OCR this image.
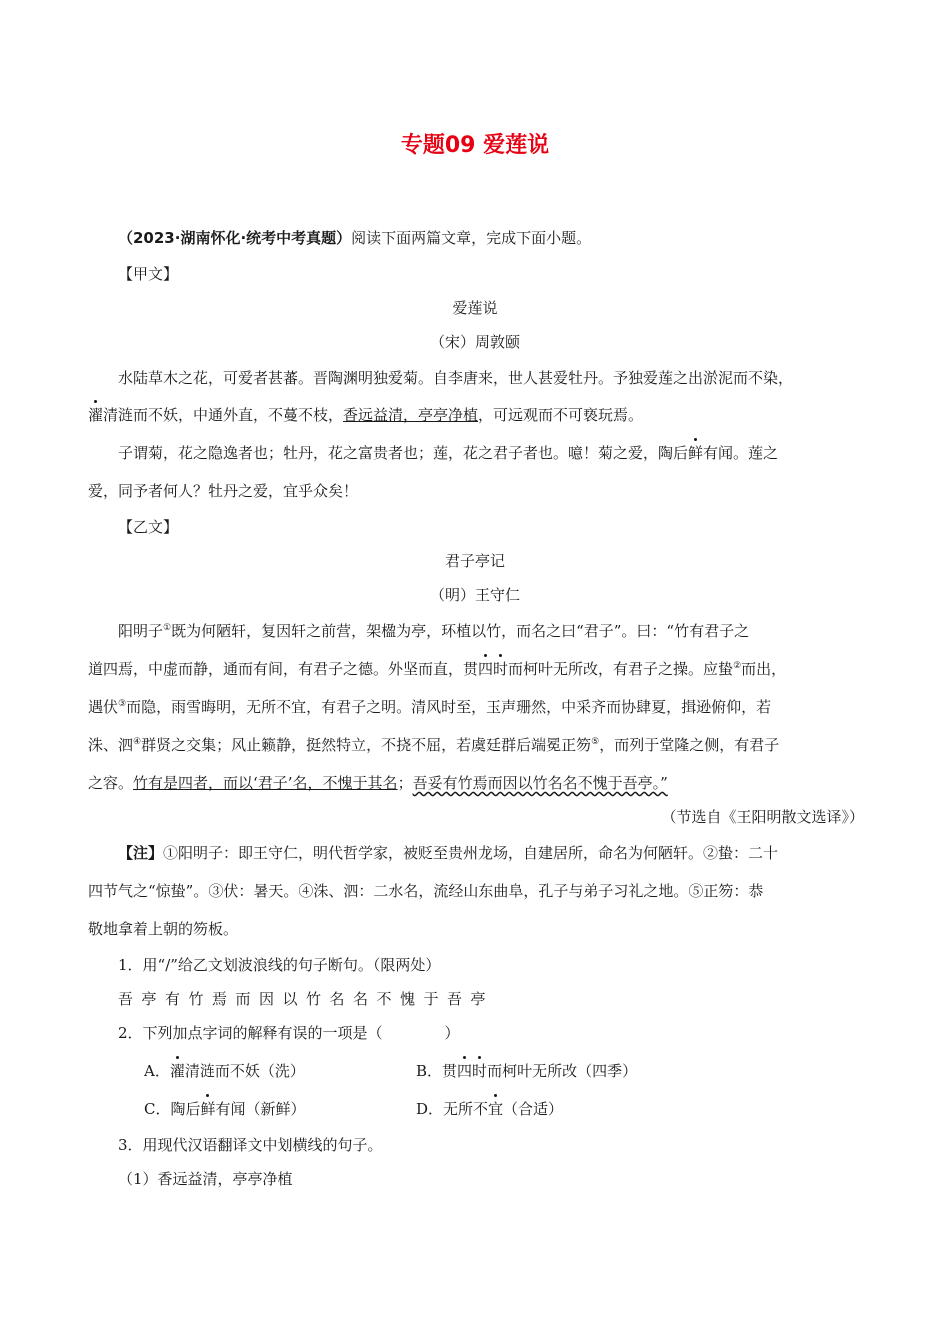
专题09 爱莲说
（2023·湖南怀化·统考中考真题）阅读下面两篇文章，完成下面小题。
【甲文】
爱莲说
（宋）周敦颐
水陆草木之花，可爱者甚蕃。晋陶渊明独爱菊。自李唐来，世人甚爱牡丹。予独爱莲之出淤泥而不染，
濯清涟而不妖，中通外直，不蔓不枝，香远益清，亭亭净植，可远观而不可亵玩焉。
子谓菊，花之隐逸者也；牡丹，花之富贵者也；莲，花之君子者也。噫！菊之爱，陶后鲜有闻。莲之
爱，同予者何人？牡丹之爱，宜乎众矣！
【乙文】
君子亭记
（明）王守仁
阳明子①既为何陋轩，复因轩之前营，架楹为亭，环植以竹，而名之曰“君子”。曰：“竹有君子之
道四焉，中虚而静，通而有间，有君子之德。外坚而直，贯四时而柯叶无所改，有君子之操。应蛰②而出，
遇伏③而隐，雨雪晦明，无所不宜，有君子之明。清风时至，玉声珊然，中采齐而协肆夏，揖逊俯仰，若
洙、泗④群贤之交集；风止籁静，挺然特立，不挠不屈，若虞廷群后端冕正笏⑤，而列于堂隆之侧，有君子
之容。竹有是四者，而以‘君子’名，不愧于其名；吾妥有竹焉而因以竹名名不愧于吾亭。”
（节选自《王阳明散文选译》）
【注】①阳明子：即王守仁，明代哲学家，被贬至贵州龙场，自建居所，命名为何陋轩。②蛰：二十
四节气之“惊蛰”。③伏：暑天。④洙、泗：二水名，流经山东曲阜，孔子与弟子习礼之地。⑤正笏：恭
敬地拿着上朝的笏板。
1．用“/”给乙文划波浪线的句子断句。（限两处）
吾亭有竹焉而因以竹名名不愧于吾亭
2．下列加点字词的解释有误的一项是（	）
A．濯清涟而不妖（洗）	B．贯四时而柯叶无所改（四季）
C．陶后鲜有闻（新鲜）	D．无所不宜（合适）
3．用现代汉语翻译文中划横线的句子。
（1）香远益清，亭亭净植
